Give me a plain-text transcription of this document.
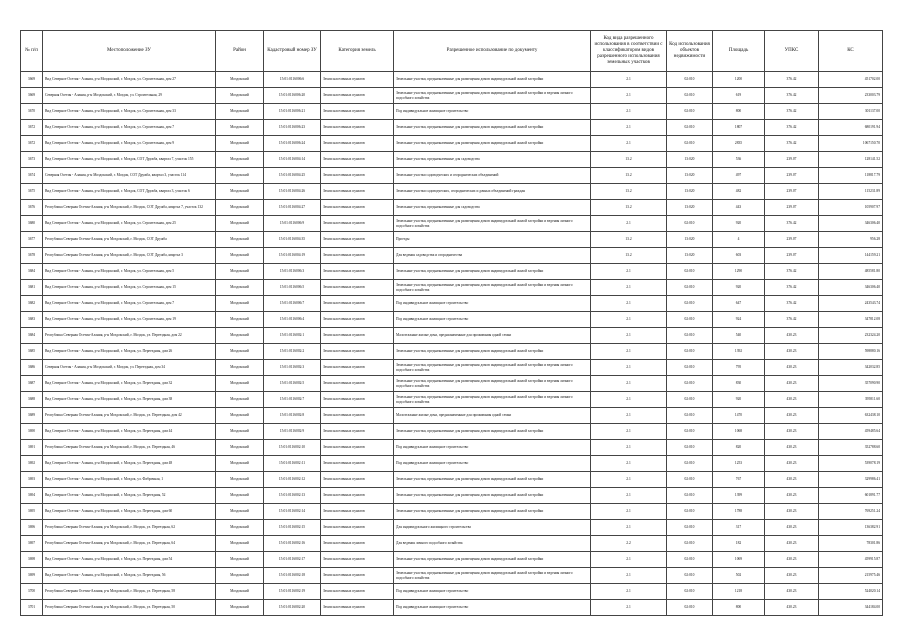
№ п/п	Местоположение ЗУ	Район	Кадастровый номер ЗУ	Категория земель	Разрешенное использование по документу	Код вида разрешенного использования в соответствии с классификатором видов разрешенного использования земельных участков	Код использования объектов недвижимости	Площадь	УПКС	КС
3669	Вид Северное Осетия - Алания, р-н Моздокский, г. Моздок, ул. Строительная, дом 27	Моздокский	15:01:0116006:6	Земли населенных пунктов	Земельные участки, предназначенные для размещения домов индивидуальной жилой застройки	2.1	02:010	1200	376.42	451702.00
3669	Северная Осетия - Алания, р-н Моздокский, г. Моздок, ул. Строительная, 29	Моздокский	15:01:0116006:20	Земли населенных пунктов	Земельные участки, предназначенные для размещения домов индивидуальной жилой застройки и ведения личного подсобного хозяйства	2.1	02:010	619	376.42	233003.79
3670	Вид Северное Осетия - Алания, р-н Моздокский, г. Моздок, ул. Строительная, дом 33	Моздокский	15:01:0116006:21	Земли населенных пунктов	Под индивидуальное жилищное строительство	2.1	02:010	800	376.42	301137.00
3672	Вид Северное Осетия - Алания, р-н Моздокский, г. Моздок, ул. Строительная, дом 7	Моздокский	15:01:0116006:23	Земли населенных пунктов	Земельные участки, предназначенные для размещения домов индивидуальной жилой застройки	2.1	02:010	1807	376.42	680191.94
3672	Вид Северное Осетия - Алания, р-н Моздокский, г. Моздок, ул. Строительная, дом 9	Моздокский	15:01:0116006:24	Земли населенных пунктов	Земельные участки, предназначенные для размещения домов индивидуальной жилой застройки	2.1	02:010	2835	376.42	1067150.70
3673	Вид Северное Осетия - Алания, р-н Моздокский, г. Моздок, СОТ Дружба, квартал 7, участок 155	Моздокский	15:01:0116004:14	Земли населенных пунктов	Земельные участки, предназначенные для садоводства	13.2	13:020	536	239.07	128141.52
3674	Северная Осетия - Алания, р-н Моздокский, г. Моздок, СОТ Дружба, квартал 3, участок 114	Моздокский	15:01:0116004:25	Земли населенных пунктов	Земельные участки садоводческих и огороднических объединений	13.2	13:020	497	239.07	118817.79
3675	Вид Северное Осетия - Алания, р-н Моздокский, г. Моздок, СОТ Дружба, квартал 3, участок 6	Моздокский	15:01:0116004:26	Земли населенных пунктов	Земельные участки садоводческих, огороднических и дачных объединений граждан	13.2	13:020	482	239.07	115231.89
3676	Республика Северная Осетия-Алания, р-н Моздокский, г. Моздок, СОТ Дружба, квартал 7, участок 132	Моздокский	15:01:0116004:27	Земли населенных пунктов	Земельные участки, предназначенные для садоводства	13.2	13:020	443	239.07	105907.97
3680	Вид Северное Осетия - Алания, р-н Моздокский, г. Моздок, ул. Строительная, дом 25	Моздокский	15:01:0116006:9	Земли населенных пунктов	Земельные участки, предназначенные для размещения домов индивидуальной жилой застройки и ведения личного подсобного хозяйства	2.1	02:010	920	376.42	346306.40
3677	Республика Северная Осетия-Алания, р-н Моздокский, г. Моздок, СОТ Дружба	Моздокский	15:01:0116004:35	Земли населенных пунктов	Проезды	13.2	13:020	4	239.07	956.28
3678	Республика Северная Осетия-Алания, р-н Моздокский, г. Моздок, СОТ Дружба, квартал 3	Моздокский	15:01:0116004:19	Земли населенных пунктов	Для ведения садоводства и огородничества	13.2	13:020	603	239.07	144159.21
3684	Вид Северное Осетия - Алания, р-н Моздокский, г. Моздок, ул. Строительная, дом 5	Моздокский	15:01:0116006:3	Земли населенных пунктов	Земельные участки, предназначенные для размещения домов индивидуальной жилой застройки	2.1	02:010	1290	376.42	485581.80
3681	Вид Северное Осетия - Алания, р-н Моздокский, г. Моздок, ул. Строительная, дом 15	Моздокский	15:01:0116006:5	Земли населенных пунктов	Земельные участки, предназначенные для размещения домов индивидуальной жилой застройки и ведения личного подсобного хозяйства	2.1	02:010	920	376.42	346306.40
3682	Вид Северное Осетия - Алания, р-н Моздокский, г. Моздок, ул. Строительная, дом 7	Моздокский	15:01:0116006:7	Земли населенных пунктов	Под индивидуальное жилищное строительство	2.1	02:010	647	376.42	243543.74
3683	Вид Северное Осетия - Алания, р-н Моздокский, г. Моздок, ул. Строительная, дом 19	Моздокский	15:01:0116006:4	Земли населенных пунктов	Под индивидуальное жилищное строительство	2.1	02:010	924	376.42	347812.08
3684	Республика Северная Осетия-Алания, р-н Моздокский, г. Моздок, ул. Переездная, дом 22	Моздокский	15:01:0116002:1	Земли населенных пунктов	Малоэтажные жилые дома, предназначенные для проживания одной семьи	2.1	02:010	540	430.23	232324.20
3685	Вид Северное Осетия - Алания, р-н Моздокский, г. Моздок, ул. Переездная, дом 26	Моздокский	15:01:0116002:2	Земли населенных пунктов	Земельные участки, предназначенные для размещения домов индивидуальной жилой застройки	2.1	02:010	1392	430.23	598880.16
3686	Северная Осетия - Алания, р-н Моздокский, г. Моздок, ул. Переездная, дом 34	Моздокский	15:01:0116002:3	Земли населенных пунктов	Земельные участки, предназначенные для размещения домов индивидуальной жилой застройки и ведения личного подсобного хозяйства	2.1	02:010	795	430.23	342032.85
3687	Вид Северное Осетия - Алания, р-н Моздокский, г. Моздок, ул. Переездная, дом 32	Моздокский	15:01:0116002:5	Земли населенных пунктов	Земельные участки, предназначенные для размещения домов индивидуальной жилой застройки и ведения личного подсобного хозяйства	2.1	02:010	830	430.23	357090.90
3688	Вид Северное Осетия - Алания, р-н Моздокский, г. Моздок, ул. Переездная, дом 38	Моздокский	15:01:0116002:7	Земли населенных пунктов	Земельные участки, предназначенные для размещения домов индивидуальной жилой застройки и ведения личного подсобного хозяйства	2.1	02:010	920	430.23	395811.60
3689	Республика Северная Осетия-Алания, р-н Моздокский, г. Моздок, ул. Переездная, дом 42	Моздокский	15:01:0116002:8	Земли населенных пунктов	Малоэтажные жилые дома, предназначенные для проживания одной семьи	2.1	02:010	1470	430.23	632438.10
3690	Вид Северное Осетия - Алания, р-н Моздокский, г. Моздок, ул. Переездная, дом 44	Моздокский	15:01:0116002:9	Земли населенных пунктов	Земельные участки, предназначенные для размещения домов индивидуальной жилой застройки	2.1	02:010	1068	430.23	459485.64
3691	Республика Северная Осетия-Алания, р-н Моздокский, г. Моздок, ул. Переездная, 46	Моздокский	15:01:0116002:10	Земли населенных пунктов	Под индивидуальное жилищное строительство	2.1	02:010	820	430.23	352788.60
3692	Вид Северное Осетия - Алания, р-н Моздокский, г. Моздок, ул. Переездная, дом 48	Моздокский	15:01:0116002:11	Земли населенных пунктов	Под индивидуальное жилищное строительство	2.1	02:010	1253	430.23	539078.19
3693	Вид Северное Осетия - Алания, р-н Моздокский, г. Моздок, ул. Фабричная, 1	Моздокский	15:01:0116002:12	Земли населенных пунктов	Земельные участки, предназначенные для размещения домов индивидуальной жилой застройки	2.1	02:010	767	430.23	329986.41
3694	Вид Северное Осетия - Алания, р-н Моздокский, г. Моздок, ул. Переездная, 52	Моздокский	15:01:0116002:13	Земли населенных пунктов	Земельные участки, предназначенные для размещения домов индивидуальной жилой застройки	2.1	02:010	1399	430.23	601891.77
3695	Вид Северное Осетия - Алания, р-н Моздокский, г. Моздок, ул. Переездная, дом 60	Моздокский	15:01:0116002:14	Земли населенных пунктов	Земельные участки, предназначенные для размещения домов индивидуальной жилой застройки	2.1	02:010	1788	430.23	769251.24
3696	Республика Северная Осетия-Алания, р-н Моздокский, г. Моздок, ул. Переездная, 62	Моздокский	15:01:0116002:15	Земли населенных пунктов	Для индивидуального жилищного строительства	2.1	02:010	317	430.23	136382.91
3697	Республика Северная Осетия-Алания, р-н Моздокский, г. Моздок, ул. Переездная, 64	Моздокский	15:01:0116002:16	Земли населенных пунктов	Для ведения личного подсобного хозяйства	2.2	02:010	182	430.23	78301.86
3698	Вид Северное Осетия - Алания, р-н Моздокский, г. Моздок, ул. Переездная, дом 54	Моздокский	15:01:0116002:17	Земли населенных пунктов	Земельные участки, предназначенные для размещения домов индивидуальной жилой застройки	2.1	02:010	1069	430.23	459915.87
3699	Вид Северное Осетия - Алания, р-н Моздокский, г. Моздок, ул. Переездная, 56	Моздокский	15:01:0116002:18	Земли населенных пунктов	Земельные участки, предназначенные для размещения домов индивидуальной жилой застройки и ведения личного подсобного хозяйства	2.1	02:010	502	430.23	215975.46
3700	Республика Северная Осетия-Алания, р-н Моздокский, г. Моздок, ул. Переездная, 58	Моздокский	15:01:0116002:19	Земли населенных пунктов	Под индивидуальное жилищное строительство	2.1	02:010	1218	430.23	524020.14
3701	Республика Северная Осетия-Алания, р-н Моздокский, г. Моздок, ул. Переездная, 50	Моздокский	15:01:0116002:20	Земли населенных пунктов	Под индивидуальное жилищное строительство	2.1	02:010	800	430.23	344184.00
